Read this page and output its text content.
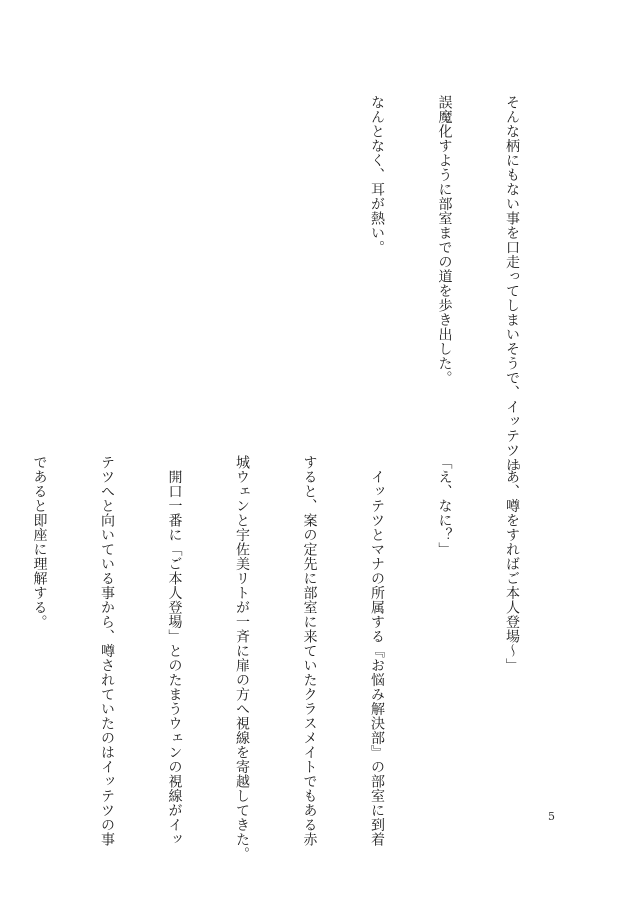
そんな柄にもない事を口走ってしまいそうで、イッテツは

誤魔化すように部室までの道を歩き出した。

なんとなく、耳が熱い。

「あ、噂をすればご本人登場～」

「え、なに？」

　イッテツとマナの所属する『お悩み解決部』の部室に到着

すると、案の定先に部室に来ていたクラスメイトでもある赤

城ウェンと宇佐美リトが一斉に扉の方へ視線を寄越してきた。

　開口一番に「ご本人登場」とのたまうウェンの視線がイッ

テツへと向いている事から、噂されていたのはイッテツの事

であると即座に理解する。

5
